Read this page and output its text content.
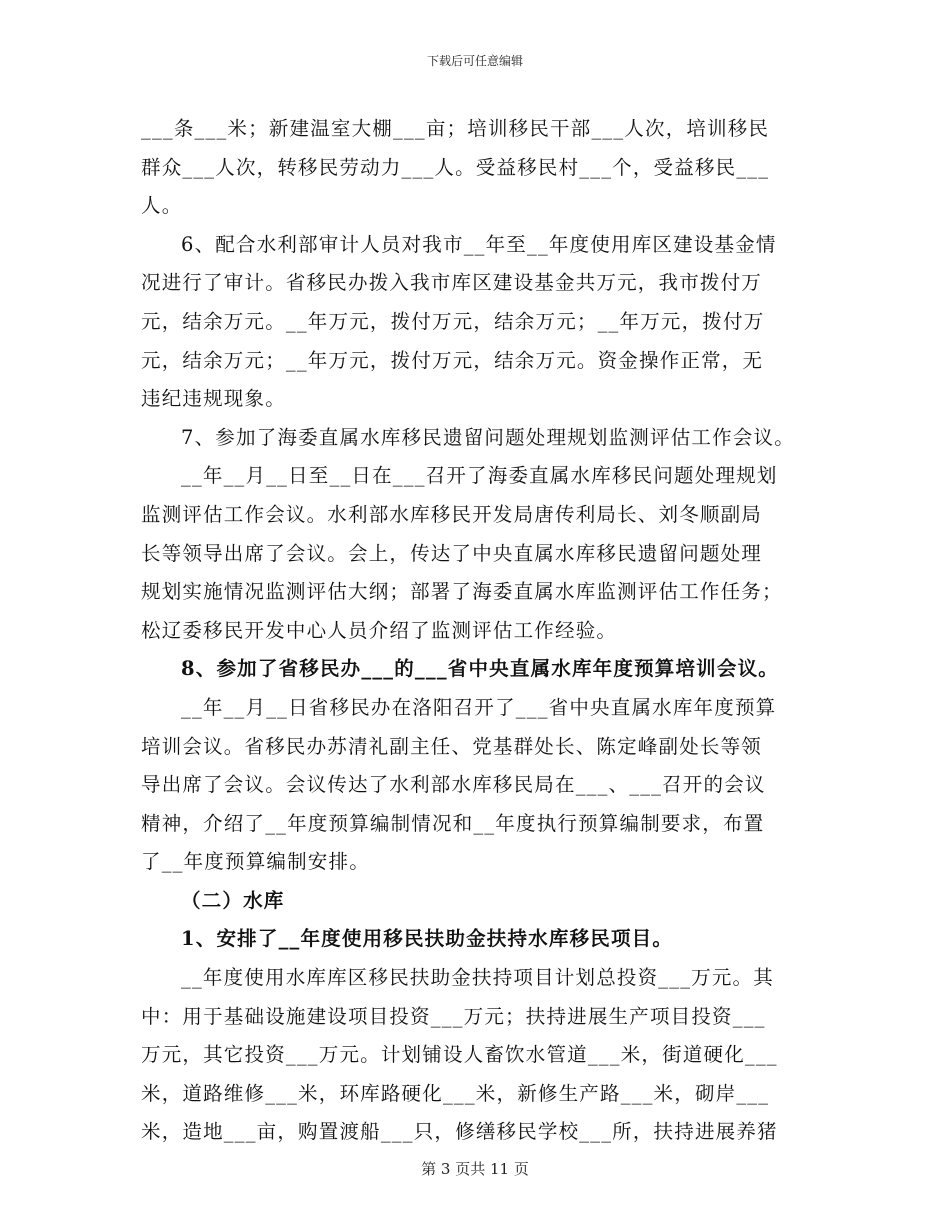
下载后可任意编辑
___条___米；新建温室大棚___亩；培训移民干部___人次，培训移民
群众___人次，转移民劳动力___人。受益移民村___个，受益移民___
人。
6、配合水利部审计人员对我市__年至__年度使用库区建设基金情
况进行了审计。省移民办拨入我市库区建设基金共万元，我市拨付万
元，结余万元。__年万元，拨付万元，结余万元；__年万元，拨付万
元，结余万元；__年万元，拨付万元，结余万元。资金操作正常，无
违纪违规现象。
7、参加了海委直属水库移民遗留问题处理规划监测评估工作会议。
__年__月__日至__日在___召开了海委直属水库移民问题处理规划
监测评估工作会议。水利部水库移民开发局唐传利局长、刘冬顺副局
长等领导出席了会议。会上，传达了中央直属水库移民遗留问题处理
规划实施情况监测评估大纲；部署了海委直属水库监测评估工作任务；
松辽委移民开发中心人员介绍了监测评估工作经验。
8、参加了省移民办___的___省中央直属水库年度预算培训会议。
__年__月__日省移民办在洛阳召开了___省中央直属水库年度预算
培训会议。省移民办苏清礼副主任、党基群处长、陈定峰副处长等领
导出席了会议。会议传达了水利部水库移民局在___、___召开的会议
精神，介绍了__年度预算编制情况和__年度执行预算编制要求，布置
了__年度预算编制安排。
（二）水库
1、安排了__年度使用移民扶助金扶持水库移民项目。
__年度使用水库库区移民扶助金扶持项目计划总投资___万元。其
中：用于基础设施建设项目投资___万元；扶持进展生产项目投资___
万元，其它投资___万元。计划铺设人畜饮水管道___米，街道硬化___
米，道路维修___米，环库路硬化___米，新修生产路___米，砌岸___
米，造地___亩，购置渡船___只，修缮移民学校___所，扶持进展养猪
第 3 页共 11 页
